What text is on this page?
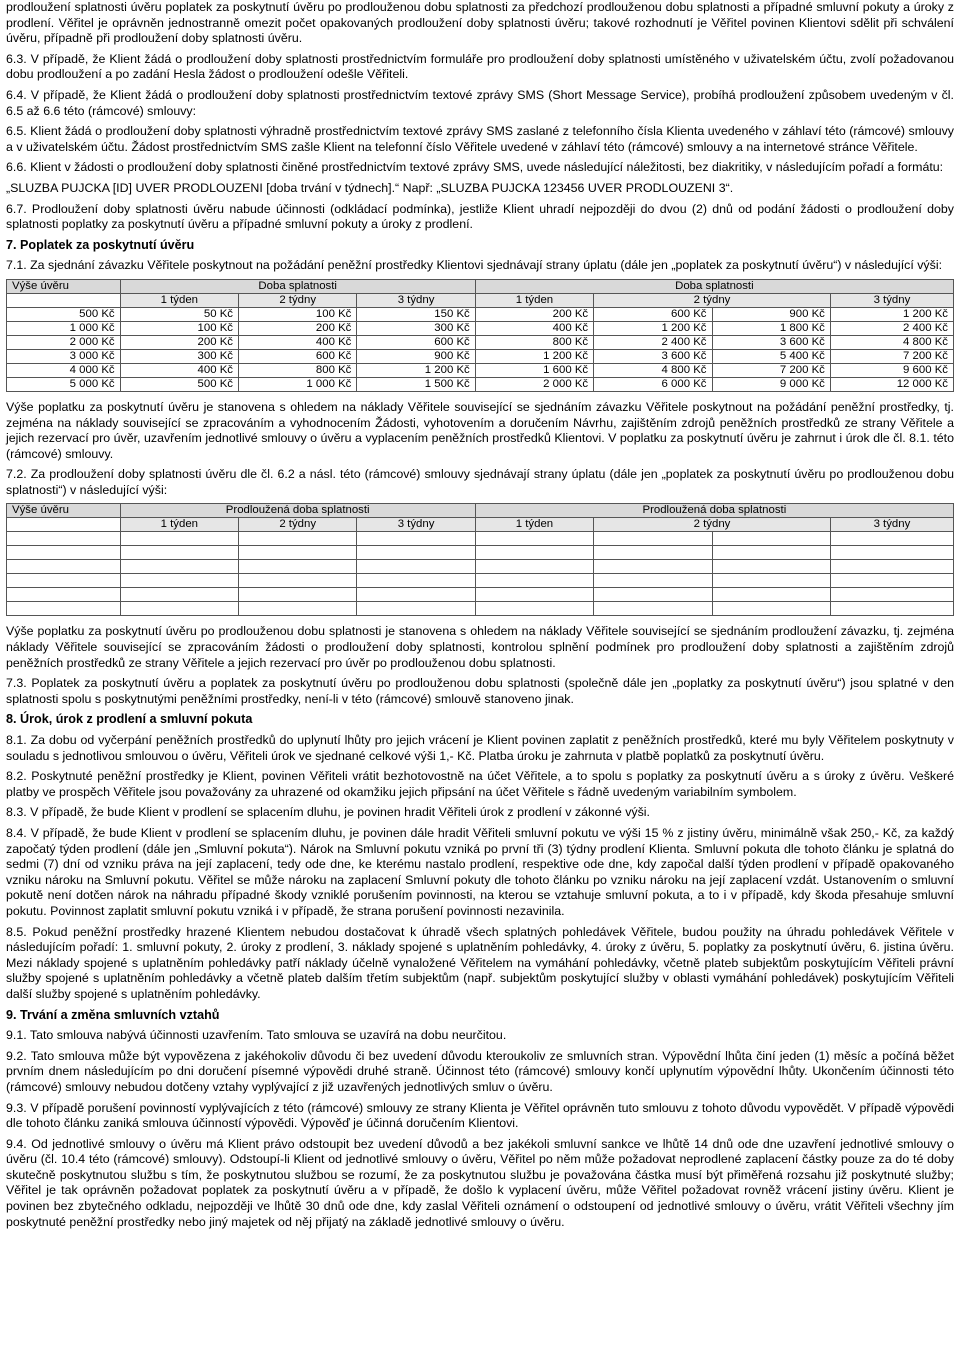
prodloužení splatnosti úvěru poplatek za poskytnutí úvěru po prodlouženou dobu splatnosti za předchozí prodlouženou dobu splatnosti a případné smluvní pokuty a úroky z prodlení. Věřitel je oprávněn jednostranně omezit počet opakovaných prodloužení doby splatnosti úvěru; takové rozhodnutí je Věřitel povinen Klientovi sdělit při schválení úvěru, případně při prodloužení doby splatnosti úvěru.

6.3. V případě, že Klient žádá o prodloužení doby splatnosti prostřednictvím formuláře pro prodloužení doby splatnosti umístěného v uživatelském účtu, zvolí požadovanou dobu prodloužení a po zadání Hesla žádost o prodloužení odešle Věřiteli.

6.4. V případě, že Klient žádá o prodloužení doby splatnosti prostřednictvím textové zprávy SMS (Short Message Service), probíhá prodloužení způsobem uvedeným v čl. 6.5 až 6.6 této (rámcové) smlouvy:

6.5. Klient žádá o prodloužení doby splatnosti výhradně prostřednictvím textové zprávy SMS zaslané z telefonního čísla Klienta uvedeného v záhlaví této (rámcové) smlouvy a v uživatelském účtu. Žádost prostřednictvím SMS zašle Klient na telefonní číslo Věřitele uvedené v záhlaví této (rámcové) smlouvy a na internetové stránce Věřitele.

6.6. Klient v žádosti o prodloužení doby splatnosti činěné prostřednictvím textové zprávy SMS, uvede následující náležitosti, bez diakritiky, v následujícím pořadí a formátu:

„SLUZBA PUJCKA [ID] UVER PRODLOUZENI [doba trvání v týdnech].“ Např: „SLUZBA PUJCKA 123456 UVER PRODLOUZENI 3“.

6.7. Prodloužení doby splatnosti úvěru nabude účinnosti (odkládací podmínka), jestliže Klient uhradí nejpozději do dvou (2) dnů od podání žádosti o prodloužení doby splatnosti poplatky za poskytnutí úvěru a případné smluvní pokuty a úroky z prodlení.

7. Poplatek za poskytnutí úvěru

7.1. Za sjednání závazku Věřitele poskytnout na požádání peněžní prostředky Klientovi sjednávají strany úplatu (dále jen „poplatek za poskytnutí úvěru“) v následující výši:

Výše úvěru	Doba splatnosti			Doba splatnosti			
	1 týden	2 týdny	3 týdny	1 týden	2 týdny		3 týdny
500 Kč	50 Kč	100 Kč	150 Kč	200 Kč	600 Kč	900 Kč	1 200 Kč
1 000 Kč	100 Kč	200 Kč	300 Kč	400 Kč	1 200 Kč	1 800 Kč	2 400 Kč
2 000 Kč	200 Kč	400 Kč	600 Kč	800 Kč	2 400 Kč	3 600 Kč	4 800 Kč
3 000 Kč	300 Kč	600 Kč	900 Kč	1 200 Kč	3 600 Kč	5 400 Kč	7 200 Kč
4 000 Kč	400 Kč	800 Kč	1 200 Kč	1 600 Kč	4 800 Kč	7 200 Kč	9 600 Kč
5 000 Kč	500 Kč	1 000 Kč	1 500 Kč	2 000 Kč	6 000 Kč	9 000 Kč	12 000 Kč

Výše poplatku za poskytnutí úvěru je stanovena s ohledem na náklady Věřitele související se sjednáním závazku Věřitele poskytnout na požádání peněžní prostředky, tj. zejména na náklady související se zpracováním a vyhodnocením Žádosti, vyhotovením a doručením Návrhu, zajištěním zdrojů peněžních prostředků ze strany Věřitele a jejich rezervací pro úvěr, uzavřením jednotlivé smlouvy o úvěru a vyplacením peněžních prostředků Klientovi. V poplatku za poskytnutí úvěru je zahrnut i úrok dle čl. 8.1. této (rámcové) smlouvy.

7.2. Za prodloužení doby splatnosti úvěru dle čl. 6.2 a násl. této (rámcové) smlouvy sjednávají strany úplatu (dále jen „poplatek za poskytnutí úvěru po prodlouženou dobu splatnosti“) v následující výši:

Výše úvěru	Prodloužená doba splatnosti			Prodloužená doba splatnosti			
	1 týden	2 týdny	3 týdny	1 týden	2 týdny		3 týdny

Výše poplatku za poskytnutí úvěru po prodlouženou dobu splatnosti je stanovena s ohledem na náklady Věřitele související se sjednáním prodloužení závazku, tj. zejména náklady Věřitele související se zpracováním žádosti o prodloužení doby splatnosti, kontrolou splnění podmínek pro prodloužení doby splatnosti a zajištěním zdrojů peněžních prostředků ze strany Věřitele a jejich rezervací pro úvěr po prodlouženou dobu splatnosti.

7.3. Poplatek za poskytnutí úvěru a poplatek za poskytnutí úvěru po prodlouženou dobu splatnosti (společně dále jen „poplatky za poskytnutí úvěru“) jsou splatné v den splatnosti spolu s poskytnutými peněžními prostředky, není-li v této (rámcové) smlouvě stanoveno jinak.

8. Úrok, úrok z prodlení a smluvní pokuta

8.1. Za dobu od vyčerpání peněžních prostředků do uplynutí lhůty pro jejich vrácení je Klient povinen zaplatit z peněžních prostředků, které mu byly Věřitelem poskytnuty v souladu s jednotlivou smlouvou o úvěru, Věřiteli úrok ve sjednané celkové výši 1,- Kč. Platba úroku je zahrnuta v platbě poplatků za poskytnutí úvěru.

8.2. Poskytnuté peněžní prostředky je Klient, povinen Věřiteli vrátit bezhotovostně na účet Věřitele, a to spolu s poplatky za poskytnutí úvěru a s úroky z úvěru. Veškeré platby ve prospěch Věřitele jsou považovány za uhrazené od okamžiku jejich připsání na účet Věřitele s řádně uvedeným variabilním symbolem.

8.3. V případě, že bude Klient v prodlení se splacením dluhu, je povinen hradit Věřiteli úrok z prodlení v zákonné výši.

8.4. V případě, že bude Klient v prodlení se splacením dluhu, je povinen dále hradit Věřiteli smluvní pokutu ve výši 15 % z jistiny úvěru, minimálně však 250,- Kč, za každý započatý týden prodlení (dále jen „Smluvní pokuta“). Nárok na Smluvní pokutu vzniká po první tři (3) týdny prodlení Klienta. Smluvní pokuta dle tohoto článku je splatná do sedmi (7) dní od vzniku práva na její zaplacení, tedy ode dne, ke kterému nastalo prodlení, respektive ode dne, kdy započal další týden prodlení v případě opakovaného vzniku nároku na Smluvní pokutu. Věřitel se může nároku na zaplacení Smluvní pokuty dle tohoto článku po vzniku nároku na její zaplacení vzdát. Ustanovením o smluvní pokutě není dotčen nárok na náhradu případné škody vzniklé porušením povinnosti, na kterou se vztahuje smluvní pokuta, a to i v případě, kdy škoda přesahuje smluvní pokutu. Povinnost zaplatit smluvní pokutu vzniká i v případě, že strana porušení povinnosti nezavinila.

8.5. Pokud peněžní prostředky hrazené Klientem nebudou dostačovat k úhradě všech splatných pohledávek Věřitele, budou použity na úhradu pohledávek Věřitele v následujícím pořadí: 1. smluvní pokuty, 2. úroky z prodlení, 3. náklady spojené s uplatněním pohledávky, 4. úroky z úvěru, 5. poplatky za poskytnutí úvěru, 6. jistina úvěru. Mezi náklady spojené s uplatněním pohledávky patří náklady účelně vynaložené Věřitelem na vymáhání pohledávky, včetně plateb subjektům poskytujícím Věřiteli právní služby spojené s uplatněním pohledávky a včetně plateb dalším třetím subjektům (např. subjektům poskytující služby v oblasti vymáhání pohledávek) poskytujícím Věřiteli další služby spojené s uplatněním pohledávky.

9. Trvání a změna smluvních vztahů

9.1. Tato smlouva nabývá účinnosti uzavřením. Tato smlouva se uzavírá na dobu neurčitou.

9.2. Tato smlouva může být vypovězena z jakéhokoliv důvodu či bez uvedení důvodu kteroukoliv ze smluvních stran. Výpovědní lhůta činí jeden (1) měsíc a počíná běžet prvním dnem následujícím po dni doručení písemné výpovědi druhé straně. Účinnost této (rámcové) smlouvy končí uplynutím výpovědní lhůty. Ukončením účinnosti této (rámcové) smlouvy nebudou dotčeny vztahy vyplývající z již uzavřených jednotlivých smluv o úvěru.

9.3. V případě porušení povinností vyplývajících z této (rámcové) smlouvy ze strany Klienta je Věřitel oprávněn tuto smlouvu z tohoto důvodu vypovědět. V případě výpovědi dle tohoto článku zaniká smlouva účinností výpovědi. Výpověď je účinná doručením Klientovi.

9.4. Od jednotlivé smlouvy o úvěru má Klient právo odstoupit bez uvedení důvodů a bez jakékoli smluvní sankce ve lhůtě 14 dnů ode dne uzavření jednotlivé smlouvy o úvěru (čl. 10.4 této (rámcové) smlouvy). Odstoupí-li Klient od jednotlivé smlouvy o úvěru, Věřitel po něm může požadovat neprodlené zaplacení částky pouze za do té doby skutečně poskytnutou službu s tím, že poskytnutou službou se rozumí, že za poskytnutou službu je považována částka musí být přiměřená rozsahu již poskytnuté služby; Věřitel je tak oprávněn požadovat poplatek za poskytnutí úvěru a v případě, že došlo k vyplacení úvěru, může Věřitel požadovat rovněž vrácení jistiny úvěru. Klient je povinen bez zbytečného odkladu, nejpozději ve lhůtě 30 dnů ode dne, kdy zaslal Věřiteli oznámení o odstoupení od jednotlivé smlouvy o úvěru, vrátit Věřiteli všechny jím poskytnuté peněžní prostředky nebo jiný majetek od něj přijatý na základě jednotlivé smlouvy o úvěru.
